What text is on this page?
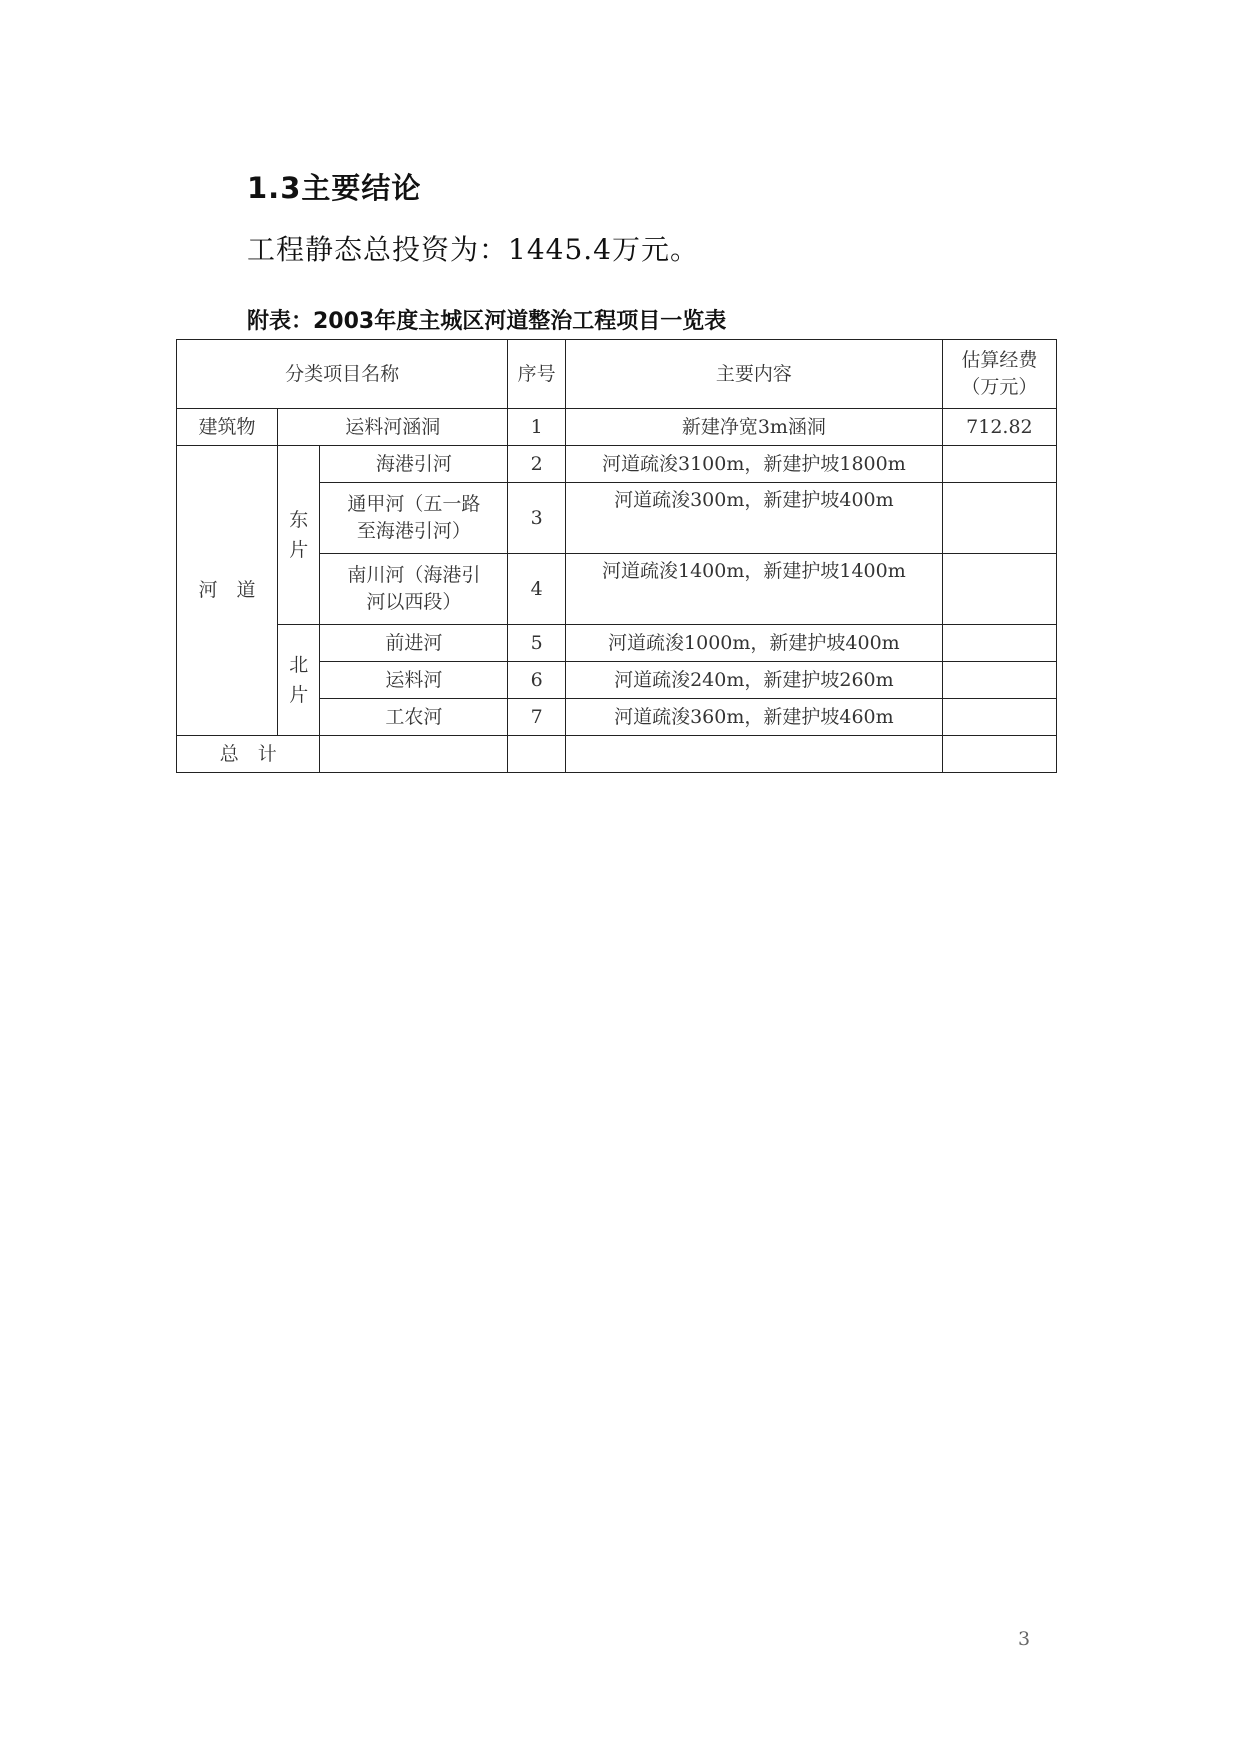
1.3主要结论
工程静态总投资为：1445.4万元。
附表：2003年度主城区河道整治工程项目一览表
分类项目名称			序号	主要内容	估算经费（万元）
建筑物	运料河涵洞		1	新建净宽3m涵洞	712.82
河　道	东片	海港引河	2	河道疏浚3100m，新建护坡1800m	
		通甲河（五一路至海港引河）	3	河道疏浚300m，新建护坡400m	
		南川河（海港引河以西段）	4	河道疏浚1400m，新建护坡1400m	
	北片	前进河	5	河道疏浚1000m，新建护坡400m	
		运料河	6	河道疏浚240m，新建护坡260m	
		工农河	7	河道疏浚360m，新建护坡460m	
总　计					
3
